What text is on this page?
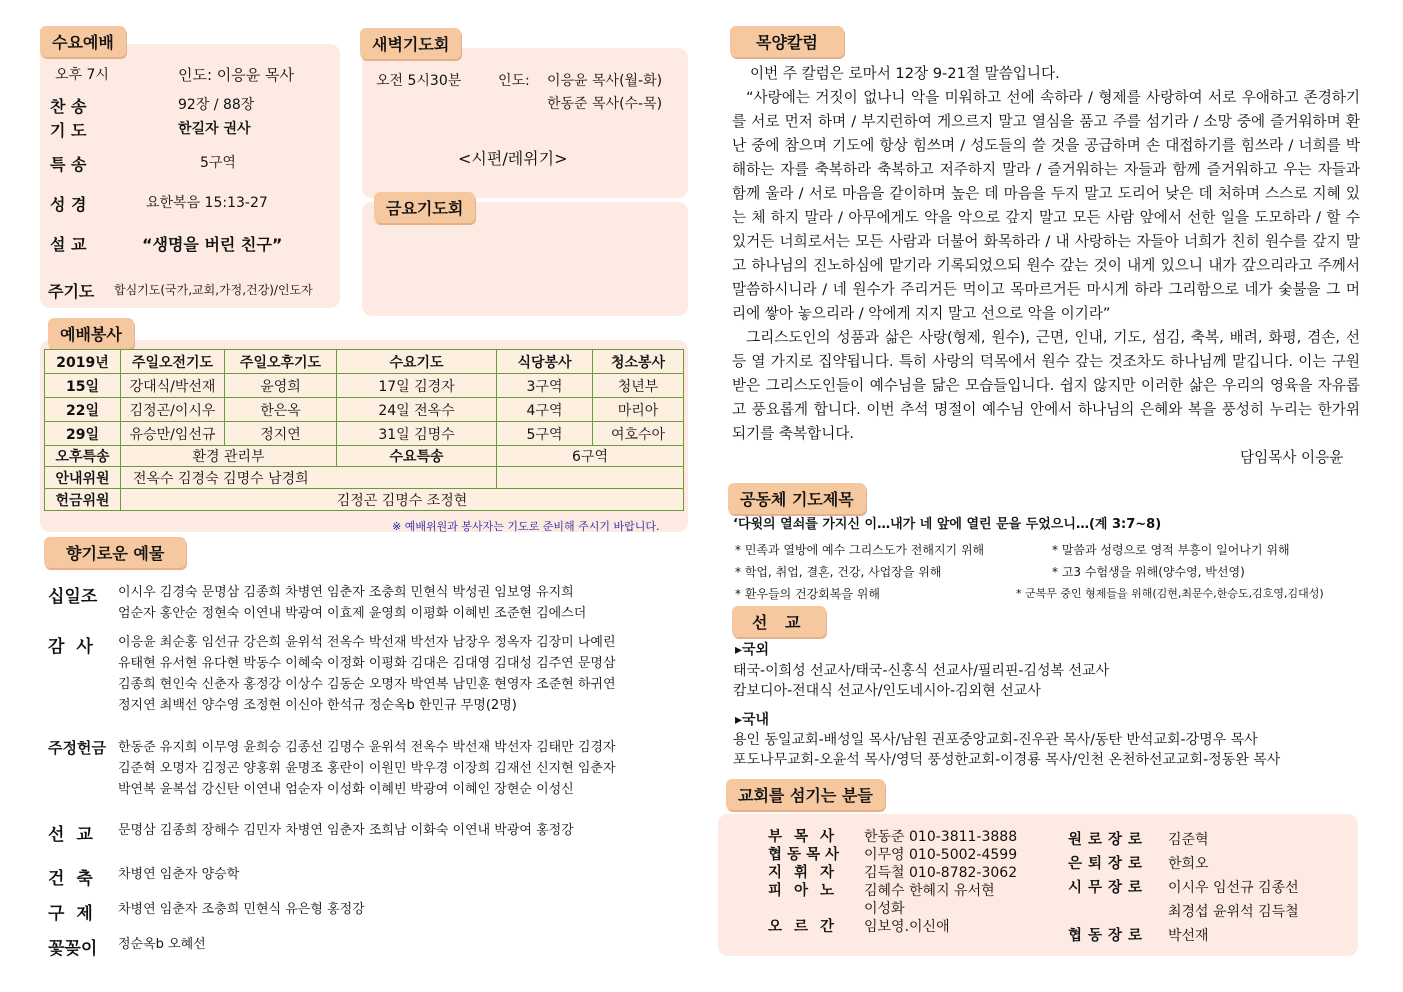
수요예배
오후 7시	인도: 이응윤 목사
찬 송	92장 / 88장
기 도	한길자 권사
특 송	5구역
성 경	요한복음 15:13-27
설 교	“생명을 버린 친구”
주기도 합심기도(국가,교회,가정,건강)/인도자
새벽기도회
오전 5시30분	인도: 이응윤 목사(월-화)
한동준 목사(수-목)
<시편/레위기>
금요기도회
예배봉사
2019년	주일오전기도	주일오후기도	수요기도	식당봉사	청소봉사
15일	강대식/박선재	윤영희	17일 김경자	3구역	청년부
22일	김정곤/이시우	한은옥	24일 전옥수	4구역	마리아
29일	유승만/임선규	정지연	31일 김명수	5구역	여호수아
오후특송	환경 관리부		수요특송	6구역	
안내위원	전옥수 김경숙 김명수 남경희				
헌금위원	김정곤 김명수 조정현				
※ 예배위원과 봉사자는 기도로 준비해 주시기 바랍니다.
향기로운 예물
십일조	이시우 김경숙 문명삼 김종희 차병연 임춘자 조충희 민현식 박성권 임보영 유지희
엄순자 홍안순 정현숙 이연내 박광여 이효제 윤영희 이평화 이혜빈 조준현 김에스더
감 사	이응윤 최순홍 임선규 강은희 윤위석 전옥수 박선재 박선자 남장우 정옥자 김장미 나예린
유태현 유서현 유다현 박동수 이혜숙 이정화 이평화 김대은 김대영 김대성 김주연 문명삼
김종희 현인숙 신춘자 홍정강 이상수 김동순 오명자 박연복 남민훈 현영자 조준현 하귀연
정지연 최백선 양수영 조정현 이신아 한석규 정순옥b 한민규 무명(2명)
주정헌금 한동준 유지희 이무영 윤희승 김종선 김명수 윤위석 전옥수 박선재 박선자 김태만 김경자
김준혁 오명자 김정곤 양홍휘 윤명조 홍란이 이원민 박우경 이장희 김재선 신지현 임춘자
박연복 윤복섭 강신탄 이연내 엄순자 이성화 이혜빈 박광여 이혜인 장현순 이성신
선 교	문명삼 김종희 장해수 김민자 차병연 임춘자 조희남 이화숙 이연내 박광여 홍정강
건 축	차병연 임춘자 양승학
구 제	차병연 임춘자 조충희 민현식 유은형 홍정강
꽃꽂이	정순옥b 오혜선
목양칼럼

이번 주 칼럼은 로마서 12장 9-21절 말씀입니다.

“사랑에는 거짓이 없나니 악을 미워하고 선에 속하라 / 형제를 사랑하여 서로 우애하고 존경하기를 서로 먼저 하며 / 부지런하여 게으르지 말고 열심을 품고 주를 섬기라 / 소망 중에 즐거워하며 환난 중에 참으며 기도에 항상 힘쓰며 / 성도들의 쓸 것을 공급하며 손 대접하기를 힘쓰라 / 너희를 박해하는 자를 축복하라 축복하고 저주하지 말라 / 즐거워하는 자들과 함께 즐거워하고 우는 자들과 함께 울라 / 서로 마음을 같이하며 높은 데 마음을 두지 말고 도리어 낮은 데 처하며 스스로 지혜 있는 체 하지 말라 / 아무에게도 악을 악으로 갚지 말고 모든 사람 앞에서 선한 일을 도모하라 / 할 수 있거든 너희로서는 모든 사람과 더불어 화목하라 / 내 사랑하는 자들아 너희가 친히 원수를 갚지 말고 하나님의 진노하심에 맡기라 기록되었으되 원수 갚는 것이 내게 있으니 내가 갚으리라고 주께서 말씀하시니라 / 네 원수가 주리거든 먹이고 목마르거든 마시게 하라 그리함으로 네가 숯불을 그 머리에 쌓아 놓으리라 / 악에게 지지 말고 선으로 악을 이기라”

그리스도인의 성품과 삶은 사랑(형제, 원수), 근면, 인내, 기도, 섬김, 축복, 배려, 화평, 겸손, 선 등 열 가지로 집약됩니다. 특히 사랑의 덕목에서 원수 갚는 것조차도 하나님께 맡깁니다. 이는 구원 받은 그리스도인들이 예수님을 닮은 모습들입니다. 쉽지 않지만 이러한 삶은 우리의 영육을 자유롭고 풍요롭게 합니다. 이번 추석 명절이 예수님 안에서 하나님의 은혜와 복을 풍성히 누리는 한가위 되기를 축복합니다.

담임목사 이응윤
공동체 기도제목
‘다윗의 열쇠를 가지신 이…내가 네 앞에 열린 문을 두었으니…(계 3:7~8)
* 민족과 열방에 예수 그리스도가 전해지기 위해	* 말씀과 성령으로 영적 부흥이 일어나기 위해
* 학업, 취업, 결혼, 건강, 사업장을 위해	* 고3 수험생을 위해(양수영, 박선영)
* 환우들의 건강회복을 위해	* 군복무 중인 형제들을 위해(김현,최문수,한승도,김호영,김대성)
선 교
▸국외
태국-이희성 선교사/태국-신홍식 선교사/필리핀-김성복 선교사
캄보디아-전대식 선교사/인도네시아-김외현 선교사
▸국내
용인 동일교회-배성일 목사/남원 권포중앙교회-진우관 목사/동탄 반석교회-강명우 목사
포도나무교회-오윤석 목사/영덕 풍성한교회-이경룡 목사/인천 온천하선교교회-정동완 목사
교회를 섬기는 분들
부목사 한동준 010-3811-3888
협동목사 이무영 010-5002-4599
지휘자 김득철 010-8782-3062
피아노 김혜수 한혜지 유서현
이성화
오르간 임보영.이신애
원로장로 김준혁
은퇴장로 한희오
시무장로 이시우 임선규 김종선
최경섭 윤위석 김득철
협동장로 박선재
